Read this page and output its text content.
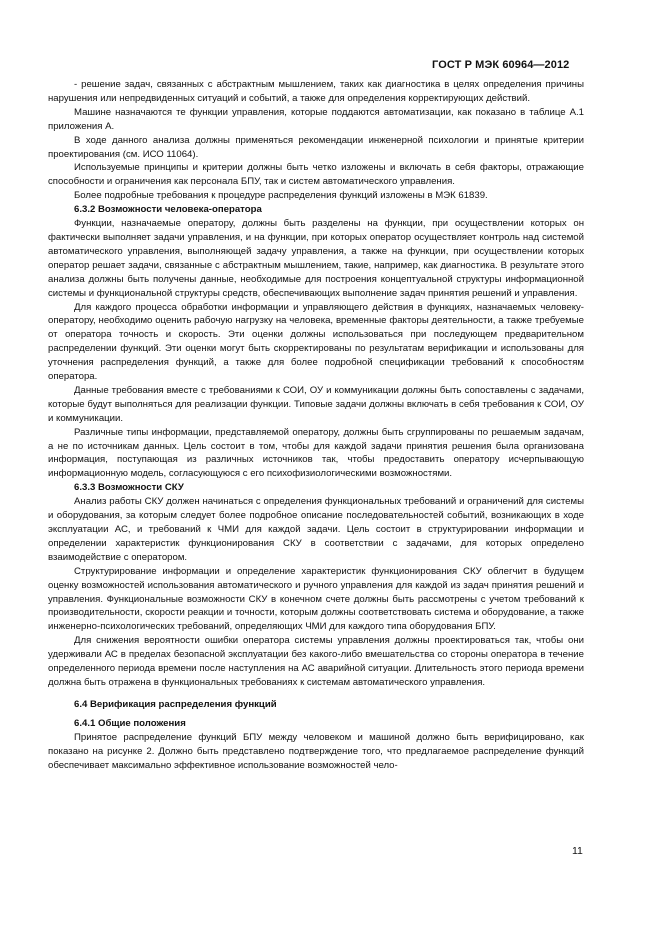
ГОСТ Р МЭК 60964—2012

- решение задач, связанных с абстрактным мышлением, таких как диагностика в целях определения причины нарушения или непредвиденных ситуаций и событий, а также для определения корректирующих действий.

Машине назначаются те функции управления, которые поддаются автоматизации, как показано в таблице А.1 приложения А.

В ходе данного анализа должны применяться рекомендации инженерной психологии и принятые критерии проектирования (см. ИСО 11064).

Используемые принципы и критерии должны быть четко изложены и включать в себя факторы, отражающие способности и ограничения как персонала БПУ, так и систем автоматического управления.

Более подробные требования к процедуре распределения функций изложены в МЭК 61839.

6.3.2 Возможности человека-оператора

Функции, назначаемые оператору, должны быть разделены на функции, при осуществлении которых он фактически выполняет задачи управления, и на функции, при которых оператор осуществляет контроль над системой автоматического управления, выполняющей задачу управления, а также на функции, при осуществлении которых оператор решает задачи, связанные с абстрактным мышлением, такие, например, как диагностика. В результате этого анализа должны быть получены данные, необходимые для построения концептуальной структуры информационной системы и функциональной структуры средств, обеспечивающих выполнение задач принятия решений и управления.

Для каждого процесса обработки информации и управляющего действия в функциях, назначаемых человеку-оператору, необходимо оценить рабочую нагрузку на человека, временные факторы деятельности, а также требуемые от оператора точность и скорость. Эти оценки должны использоваться при последующем предварительном распределении функций. Эти оценки могут быть скорректированы по результатам верификации и использованы для уточнения распределения функций, а также для более подробной спецификации требований к способностям оператора.

Данные требования вместе с требованиями к СОИ, ОУ и коммуникации должны быть сопоставлены с задачами, которые будут выполняться для реализации функции. Типовые задачи должны включать в себя требования к СОИ, ОУ и коммуникации.

Различные типы информации, представляемой оператору, должны быть сгруппированы по решаемым задачам, а не по источникам данных. Цель состоит в том, чтобы для каждой задачи принятия решения была организована информация, поступающая из различных источников так, чтобы предоставить оператору исчерпывающую информационную модель, согласующуюся с его психофизиологическими возможностями.

6.3.3 Возможности СКУ

Анализ работы СКУ должен начинаться с определения функциональных требований и ограничений для системы и оборудования, за которым следует более подробное описание последовательностей событий, возникающих в ходе эксплуатации АС, и требований к ЧМИ для каждой задачи. Цель состоит в структурировании информации и определении характеристик функционирования СКУ в соответствии с задачами, для которых определено взаимодействие с оператором.

Структурирование информации и определение характеристик функционирования СКУ облегчит в будущем оценку возможностей использования автоматического и ручного управления для каждой из задач принятия решений и управления. Функциональные возможности СКУ в конечном счете должны быть рассмотрены с учетом требований к производительности, скорости реакции и точности, которым должны соответствовать система и оборудование, а также инженерно-психологических требований, определяющих ЧМИ для каждого типа оборудования БПУ.

Для снижения вероятности ошибки оператора системы управления должны проектироваться так, чтобы они удерживали АС в пределах безопасной эксплуатации без какого-либо вмешательства со стороны оператора в течение определенного периода времени после наступления на АС аварийной ситуации. Длительность этого периода времени должна быть отражена в функциональных требованиях к системам автоматического управления.

6.4 Верификация распределения функций

6.4.1 Общие положения

Принятое распределение функций БПУ между человеком и машиной должно быть верифицировано, как показано на рисунке 2. Должно быть представлено подтверждение того, что предлагаемое распределение функций обеспечивает максимально эффективное использование возможностей чело-

11
